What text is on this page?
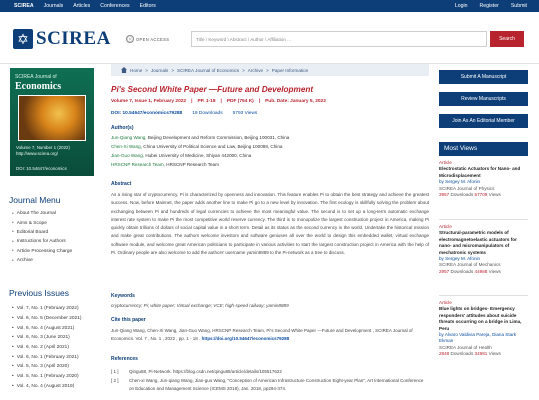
SCIREA Journals Articles Conferences Editors	Login Register Submit
✡ SCIREA	ⓞ OPEN ACCESS	Title \ Keyword \ Abstract \ Author \ Affiliation ...	Search
SCIREA Journal of
Economics
Volume 7, Number 1 (2022)
http://www.scirea.org/
DOI: 10.54647/economics
Journal Menu
• About The Journal
• Aims & Scope
• Editorial Board
• Instructions for Authors
• Article Processing Charge
• Archive
Previous Issues
• Vol. 7, No. 1 (February 2022)
• Vol. 6, No. 5 (December 2021)
• Vol. 6, No. 4 (August 2021)
• Vol. 6, No. 3 (June 2021)
• Vol. 6, No. 2 (April 2021)
• Vol. 6, No. 1 (February 2021)
• Vol. 5, No. 3 (April 2020)
• Vol. 5, No. 1 (February 2020)
• Vol. 4, No. 4 (August 2019)
Home > Journals > SCIREA Journal of Economics > Archive > Paper Information
Pi's Second White Paper —Future and Development
Volume 7, Issue 1, February 2022 | PP. 1-18 | PDF (754 K) | Pub. Date: January 5, 2022
DOI: 10.54647/economics79288 19 Downloads 5793 Views
Author(s)
Jun-Qiang Wang, Beijing Development and Reform Commission, Beijing 100031, China
Chen-Xi Wang, China University of Political Science and Law, Beijing 100088, China
Jian-Guo Wang, Hubei University of Medicine, Shiyan 442000, China
HRSCNP Research Team, HRSCNP Research Team
Abstract
As a rising star of cryptocurrency, Pi is characterized by openness and innovation. This feature enables Pi to obtain the best strategy and achieve the greatest success. Now, before Mainnet, the paper adds another line to make Pi go to a new level by innovation. The first ecology is skillfully solving the problem about exchanging between Pi and hundreds of legal currencies to achieve the most meaningful value. The second is to set up a long-term automatic exchange interest rate system to make Pi the most competitive world reserve currency. The third is to monopolize the largest construction project in America, making Pi quickly obtain trillions of dollars of social capital value in a short term. Detail as its status as the second currency in the world. Undertake the historical mission and make great contributions. The authors welcome investors and software geniuses all over the world to design this embedded wallet, virtual exchange software module, and welcome great American politicians to participate in various activities to start the largest construction project in America with the help of Pi. Ordinary people are also welcome to add the authors' username yamin8889 to the Pi-network as a tree to discuss.
Keywords
cryptocurrency; Pi; white paper; Virtual exchange; VCE; high-speed railway; yamin8889
Cite this paper
Jun-Qiang Wang, Chen-Xi Wang, Jian-Guo Wang, HRSCNP Research Team, Pi's Second White Paper —Future and Development , SCIREA Journal of Economics. Vol. 7 , No. 1 , 2022 , pp. 1 - 18 . https://doi.org/10.54647/economics79288
References
[ 1 ]	Qingu88, Pi-Network. https://blog.csdn.net/qingu88/article/details/105517622
[ 2 ]	Chen-xi Wang, Jun-qiang Wang, Jian-guo Wang, "Conception of American Infrastructure Construction Eight-year Plan", Art International Conference on Education and Management Science (ICEMS 2018), Jan. 2018, pp294-374.
Submit A Manuscript
Review Manuscripts
Join As An Editorial Member
Most Views
Article
Electrostatic Actuators for Nano- and Microdisplacement
by Sergey M. Afonin
SCIREA Journal of Physics
3957 Downloads 57709 Views
Article
Structural-parametric models of electromagnetoelastic actuators for nano- and micromanipulators of mechatronic systems
by Sergey M. Afonin
SCIREA Journal of Mechanics
2957 Downloads 44988 Views
Article
Blue lights on bridges- Emergency responders' attitudes about suicide threats occurring on a bridge in Lima, Peru
by Alvaro Valdivia Pareja, Diana Stark Ekman
SCIREA Journal of Health
2848 Downloads 34981 Views
